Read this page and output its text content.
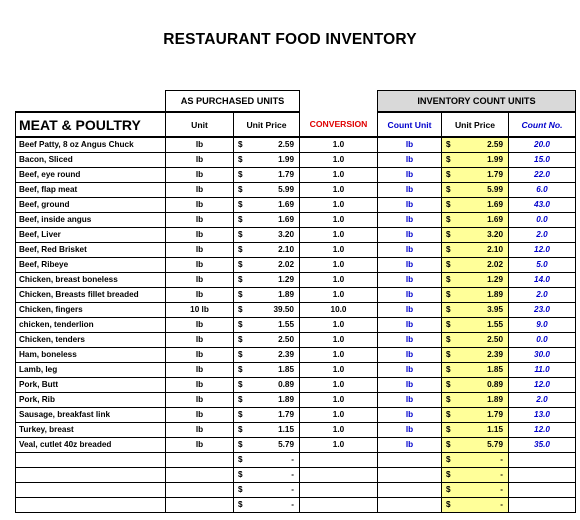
RESTAURANT FOOD INVENTORY
	AS PURCHASED UNITS				INVENTORY COUNT UNITS			
MEAT & POULTRY	Unit	Unit Price		CONVERSION	Count Unit	Unit Price		Count No.
Beef Patty, 8 oz Angus Chuck	lb	$	2.59	1.0	lb	$	2.59	20.0
Bacon, Sliced	lb	$	1.99	1.0	lb	$	1.99	15.0
Beef, eye round	lb	$	1.79	1.0	lb	$	1.79	22.0
Beef, flap meat	lb	$	5.99	1.0	lb	$	5.99	6.0
Beef, ground	lb	$	1.69	1.0	lb	$	1.69	43.0
Beef, inside angus	lb	$	1.69	1.0	lb	$	1.69	0.0
Beef, Liver	lb	$	3.20	1.0	lb	$	3.20	2.0
Beef, Red Brisket	lb	$	2.10	1.0	lb	$	2.10	12.0
Beef, Ribeye	lb	$	2.02	1.0	lb	$	2.02	5.0
Chicken, breast boneless	lb	$	1.29	1.0	lb	$	1.29	14.0
Chicken, Breasts fillet breaded	lb	$	1.89	1.0	lb	$	1.89	2.0
Chicken, fingers	10 lb	$	39.50	10.0	lb	$	3.95	23.0
chicken, tenderlion	lb	$	1.55	1.0	lb	$	1.55	9.0
Chicken, tenders	lb	$	2.50	1.0	lb	$	2.50	0.0
Ham, boneless	lb	$	2.39	1.0	lb	$	2.39	30.0
Lamb, leg	lb	$	1.85	1.0	lb	$	1.85	11.0
Pork, Butt	lb	$	0.89	1.0	lb	$	0.89	12.0
Pork, Rib	lb	$	1.89	1.0	lb	$	1.89	2.0
Sausage, breakfast link	lb	$	1.79	1.0	lb	$	1.79	13.0
Turkey, breast	lb	$	1.15	1.0	lb	$	1.15	12.0
Veal, cutlet 40z breaded	lb	$	5.79	1.0	lb	$	5.79	35.0
		$	-			$	-	
		$	-			$	-	
		$	-			$	-	
		$	-			$	-	
